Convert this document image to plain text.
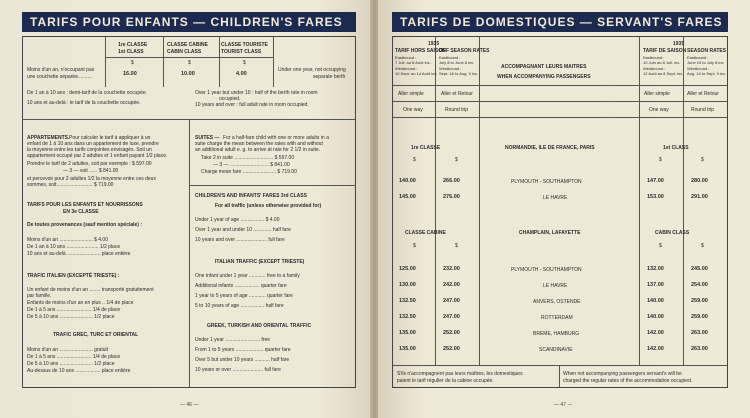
TARIFS POUR ENFANTS — CHILDREN'S FARES
1re CLASSE
1st CLASS
CLASSE CABINE
CABIN CLASS
CLASSE TOURISTE
TOURIST CLASS
$	$	$
Moins d'un an, n'occupant pas
une couchette séparée..........	16.00	10.00	4.00
Under one year, not occupying
separate berth
De 1 an à 10 ans : demi-tarif de la couchette occupée.
10 ans et au-delà : le tarif de la couchette occupée.
Over 1 year but under 10 : half of the berth rate in room
occupied.
10 years and over : full adult rate in room occupied.
APPARTEMENTS. Pour calculer le tarif à appliquer à un
enfant de 1 à 10 ans dans un appartement de luxe, prendre
la moyenne entre les tarifs conjointes envisagés. Soit un
appartement occupé par 2 adultes et 1 enfant payant 1/2 place.
Prendre le tarif de 2 adultes, soit par exemple : $ 597.00
— 3 — soit ...... $ 841.00
et percevoir pour 2 adultes 1/2 la moyenne entre ces deux
sommes, soit.......................... $ 719.00
SUITES — For a half-fare child with one or more adults in a
suite charge the mean between the rates with and without
an additional adult e. g. to arrive at rate for 2 1/2 in suite.
Take 2 in suite ............................ $ 597.00
— 3 — ............................ $ 841.00
Charge mean fare ........................ $ 719.00
TARIFS POUR LES ENFANTS ET NOURRISSONS
EN 3e CLASSE
De toutes provenances (sauf mention spéciale) :
Moins d'un an ........................ $ 4.00
De 1 an à 10 ans ....................... 1/2 place
10 ans et au-delà ........................ place entière
CHILDREN'S AND INFANTS' FARES 3rd CLASS
For all traffic (unless otherwise provided for)
Under 1 year of age ................. $ 4.00
Over 1 year and under 10 ............. half fare
10 years and over ...................... full fare
TRAFIC ITALIEN (EXCEPTÉ TRIESTE) :
Un enfant de moins d'un an ........ transporté gratuitement
par famille.
Enfants de moins d'un an en plus .. 1/4 de place
De 1 à 5 ans ......................... 1/4 de place
De 5 à 10 ans ........................ 1/2 place
ITALIAN TRAFFIC (EXCEPT TRIESTE)
One infant under 1 year ............ free to a family
Additional infants .................. quarter fare
1 year to 5 years of age ............ quarter fare
5 to 10 years of age ................. half fare
TRAFIC GREC, TURC ET ORIENTAL
Moins d'un an ........................ gratuit
De 1 à 5 ans ......................... 1/4 de place
De 5 à 10 ans ........................ 1/2 place
Au-dessus de 10 ans .................. place entière
GREEK, TURKISH AND ORIENTAL TRAFFIC
Under 1 year ......................... free
From 1 to 5 years .................... quarter fare
Over 5 but under 10 years ........... half fare
10 years or over ...................... full fare
— 46 —
TARIFS DE DOMESTIQUES — SERVANT'S FARES
1935
TARIF HORS SAISON
OFF SEASON RATES
Eastbound :
7 Juil. au 8 Août inc.
Westbound :
10 Sept. au 14 Août inc.
Eastbound :
July 8 to June 8 inc.
Westbound :
Sept. 16 to Aug. 9 inc.
ACCOMPAGNANT LEURS MAITRES
WHEN ACCOMPANYING PASSENGERS
1935
TARIF DE SAISON SEASON RATES
Eastbound :
10 Juin au 8 Juil. inc.
Westbound :
12 Août au 8 Sept. inc.
Eastbound :
June 10 to July 8 inc.
Westbound :
Aug. 10 to Sept. 9 inc.
Aller simple	Aller et Retour	Aller simple	Aller et Retour
One way	Round trip	One way	Round trip
1re CLASSE	NORMANDIE, ILE DE FRANCE, PARIS	1st CLASS
$	$	$	$
140.00	266.00	PLYMOUTH - SOUTHAMPTON	147.00	280.00
145.00	276.00	LE HAVRE	153.00	291.00
CLASSE CABINE	CHAMPLAIN, LAFAYETTE	CABIN CLASS
$	$	$	$
125.00	232.00	PLYMOUTH - SOUTHAMPTON	132.00	245.00
130.00	242.00	LE HAVRE	137.00	254.00
132.50	247.00	ANVERS, OSTENDE	140.00	259.00
132.50	247.00	ROTTERDAM	140.00	259.00
135.00	252.00	BREME, HAMBURG	142.00	263.00
135.00	252.00	SCANDINAVIE	142.00	263.00
S'ils n'accompagnent pas leurs maîtres, les domestiques
paient le tarif régulier de la cabine occupée.
When not accompanying passengers servant's will be
charged the regular rates of the accommodation occupied.
— 47 —
